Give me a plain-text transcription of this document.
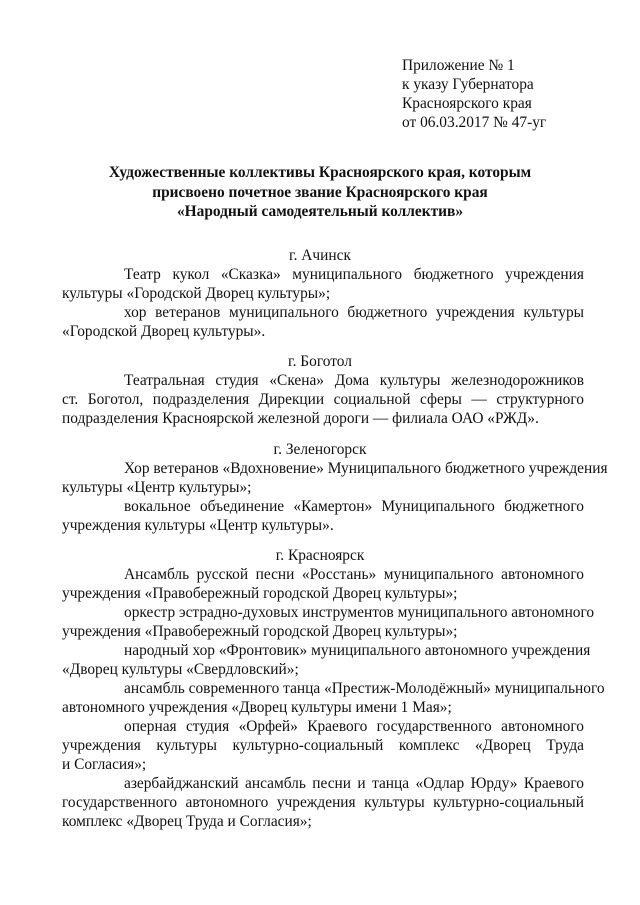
Приложение № 1
к указу Губернатора
Красноярского края
от 06.03.2017 № 47-уг
Художественные коллективы Красноярского края, которым
присвоено почетное звание Красноярского края
«Народный самодеятельный коллектив»
г. Ачинск
Театр кукол «Сказка» муниципального бюджетного учреждения
культуры «Городской Дворец культуры»;
хор ветеранов муниципального бюджетного учреждения культуры
«Городской Дворец культуры».
г. Боготол
Театральная студия «Скена» Дома культуры железнодорожников
ст. Боготол, подразделения Дирекции социальной сферы — структурного
подразделения Красноярской железной дороги — филиала ОАО «РЖД».
г. Зеленогорск
Хор ветеранов «Вдохновение» Муниципального бюджетного учреждения
культуры «Центр культуры»;
вокальное объединение «Камертон» Муниципального бюджетного
учреждения культуры «Центр культуры».
г. Красноярск
Ансамбль русской песни «Росстань» муниципального автономного
учреждения «Правобережный городской Дворец культуры»;
оркестр эстрадно-духовых инструментов муниципального автономного
учреждения «Правобережный городской Дворец культуры»;
народный хор «Фронтовик» муниципального автономного учреждения
«Дворец культуры «Свердловский»;
ансамбль современного танца «Престиж-Молодёжный» муниципального
автономного учреждения «Дворец культуры имени 1 Мая»;
оперная студия «Орфей» Краевого государственного автономного
учреждения культуры культурно-социальный комплекс «Дворец Труда
и Согласия»;
азербайджанский ансамбль песни и танца «Одлар Юрду» Краевого
государственного автономного учреждения культуры культурно-социальный
комплекс «Дворец Труда и Согласия»;
